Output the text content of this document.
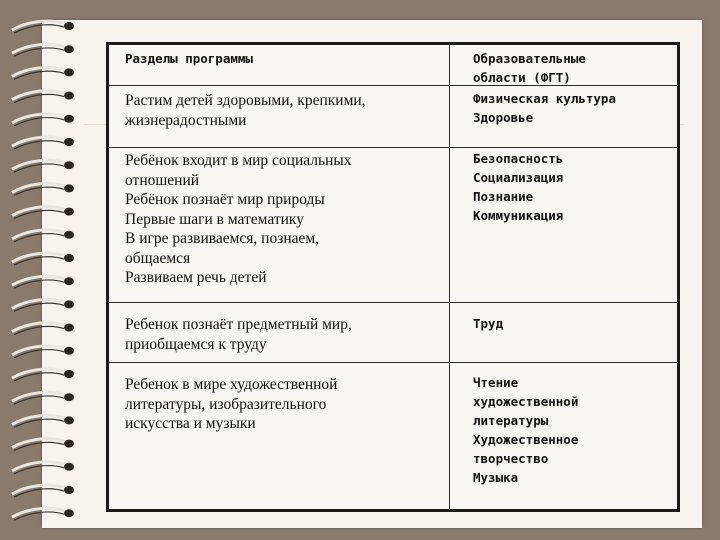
Разделы программы	Образовательные
области (ФГТ)
Растим детей здоровыми, крепкими,
жизнерадостными
Физическая культура
Здоровье
Ребёнок входит в мир социальных
отношений
Ребёнок познаёт мир природы
Первые шаги в математику
В игре развиваемся, познаем,
общаемся
Развиваем речь детей
Безопасность
Социализация
Познание
Коммуникация
Ребенок познаёт предметный мир,
приобщаемся к труду
Труд
Ребенок в мире художественной
литературы, изобразительного
искусства и музыки
Чтение
художественной
литературы
Художественное
творчество
Музыка
